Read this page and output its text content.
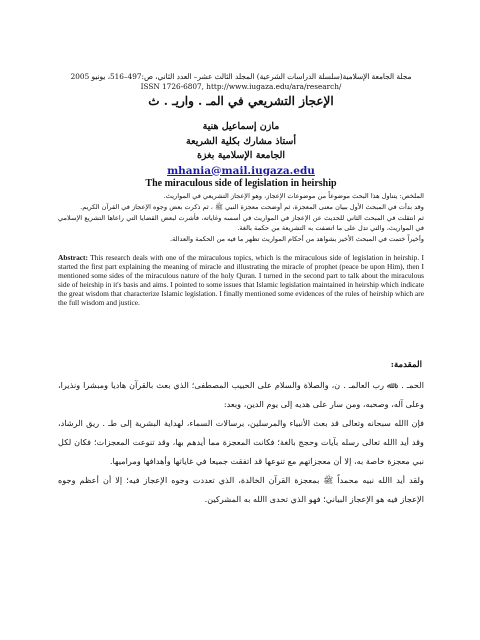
مجلة الجامعة الإسلامية(سلسلة الدراسات الشرعية) المجلد الثالث عشر– العدد الثاني، ص:497–516، يونيو 2005
ISSN 1726-6807, http://www.iugaza.edu/ara/research/
الإعجاز التشريعي في المـ . واريـ . ث
مازن إسماعيل هنية
أستاذ مشارك بكلية الشريعة
الجامعة الإسلامية بغزة
mhania@mail.iugaza.edu
The miraculous side of legislation in heirship

الملخص: يتناول هذا البحث موضوعاً من موضوعات الإعجاز، وهو الإعجاز التشريعي في المواريث.

وقد بدأت في المبحث الأول ببيان معنى المعجزة، ثم أوضحت معجزة النبي ﷺ ، ثم ذكرت بعض وجوه الإعجاز في القرآن الكريم.

ثم انتقلت في المبحث الثاني للحديث عن الإعجاز في المواريث في أسسه وغاياته، فأشرت لبعض القضايا التي راعاها التشريع الإسلامي في المواريث، والتي تدل على ما اتصفت به التشريعة من حكمة بالغة.

وأخيراً ختمت في المبحث الأخير بشواهد من أحكام المواريث تظهر ما فيه من الحكمة والعدالة.

Abstract: This research deals with one of the miraculous topics, which is the miraculous side of legislation in heirship. I started the first part explaining the meaning of miracle and illustrating the miracle of prophet (peace be upon Him), then I mentioned some sides of the miraculous nature of the holy Quran. I turned in the second part to talk about the miraculous side of heirship in it's basis and aims. I pointed to some issues that Islamic legislation maintained in heirship which indicate the great wisdom that characterize Islamic legislation. I finally mentioned some evidences of the rules of heirship which are the full wisdom and justice.
المقدمة:

الحمـ . د ﷲ رب العالمـ . ن، والصلاة والسلام على الحبيب المصطفى؛ الذي بعث بالقرآن هاديا ومبشرا ونذيرا، وعلى آله، وصحبه، ومن سار على هديه إلى يوم الدين، وبعد:

فإن االله سبحانه وتعالى قد بعث الأنبياء والمرسلين، برسالات السماء، لهداية البشرية إلى طـ . ريق الرشاد، وقد أيد االله تعالى رسله بآيات وحجج بالغة؛ فكانت المعجزة مما أيدهم بها، وقد تنوعت المعجزات؛ فكان لكل نبي معجزة خاصة به، إلا أن معجزاتهم مع تنوعها قد اتفقت جميعا في غاياتها وأهدافها ومراميها.

ولقد أيد االله نبيه محمداً ﷺ بمعجزة القرآن الخالدة، الذي تعددت وجوه الإعجاز فيه؛ إلا أن أعظم وجوه الإعجاز فيه هو الإعجاز البياني؛ فهو الذي تحدى االله به المشركين.
